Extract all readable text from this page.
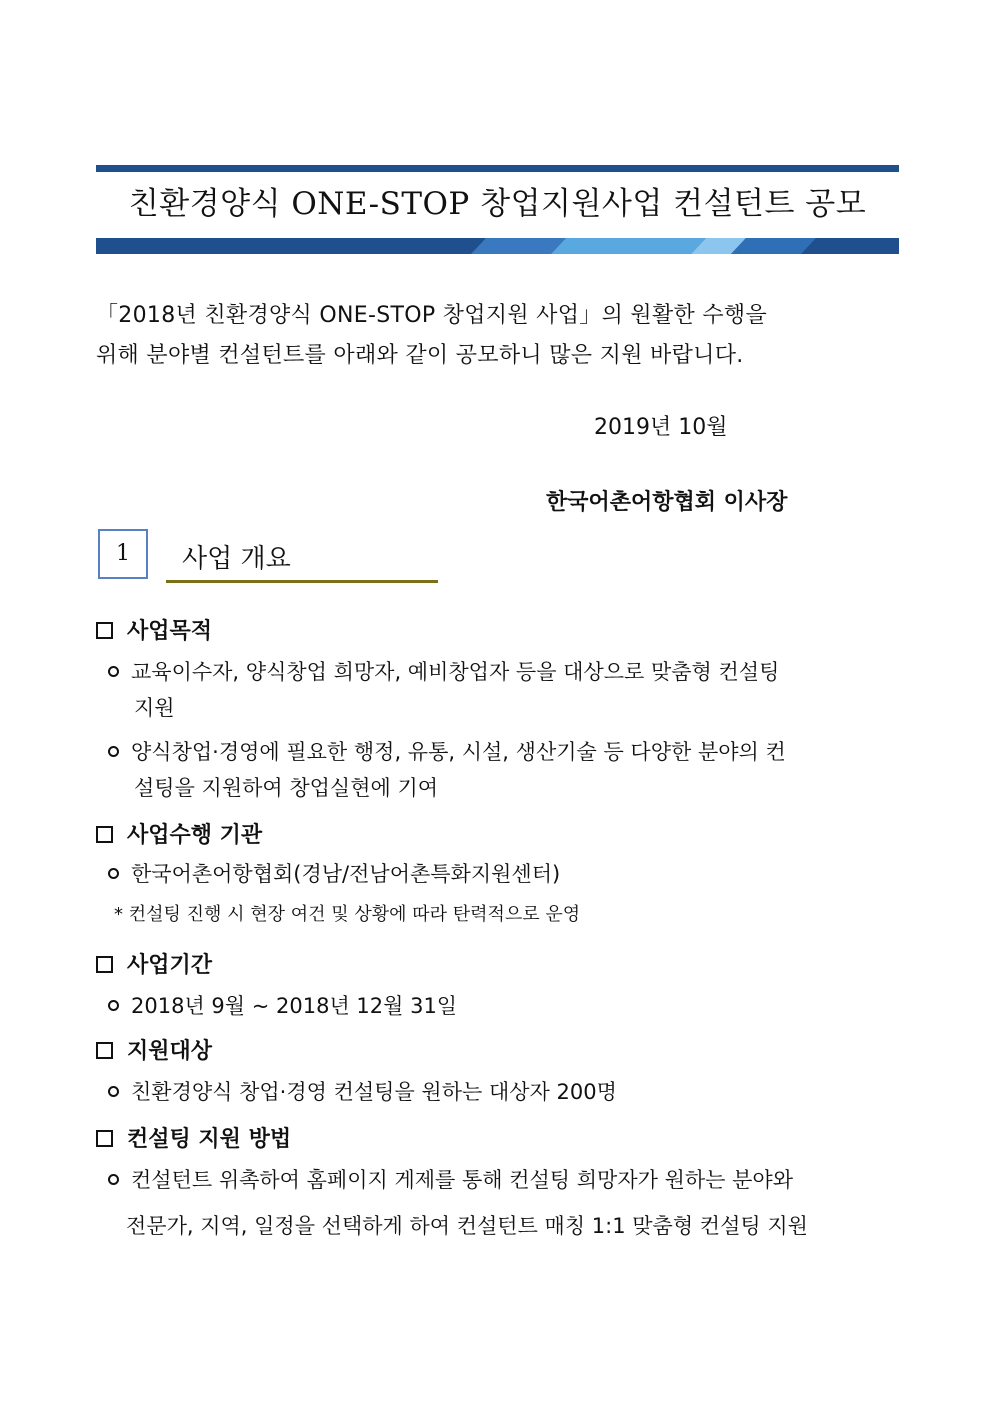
친환경양식 ONE-STOP 창업지원사업 컨설턴트 공모
「2018년 친환경양식 ONE-STOP 창업지원 사업」의 원활한 수행을
위해 분야별 컨설턴트를 아래와 같이 공모하니 많은 지원 바랍니다.
2019년 10월
한국어촌어항협회 이사장
1	사업 개요
사업목적
교육이수자, 양식창업 희망자, 예비창업자 등을 대상으로 맞춤형 컨설팅
지원
양식창업·경영에 필요한 행정, 유통, 시설, 생산기술 등 다양한 분야의 컨
설팅을 지원하여 창업실현에 기여
사업수행 기관
한국어촌어항협회(경남/전남어촌특화지원센터)
* 컨설팅 진행 시 현장 여건 및 상황에 따라 탄력적으로 운영
사업기간
2018년 9월 ~ 2018년 12월 31일
지원대상
친환경양식 창업·경영 컨설팅을 원하는 대상자 200명
컨설팅 지원 방법
컨설턴트 위촉하여 홈페이지 게제를 통해 컨설팅 희망자가 원하는 분야와
전문가, 지역, 일정을 선택하게 하여 컨설턴트 매칭 1:1 맞춤형 컨설팅 지원
